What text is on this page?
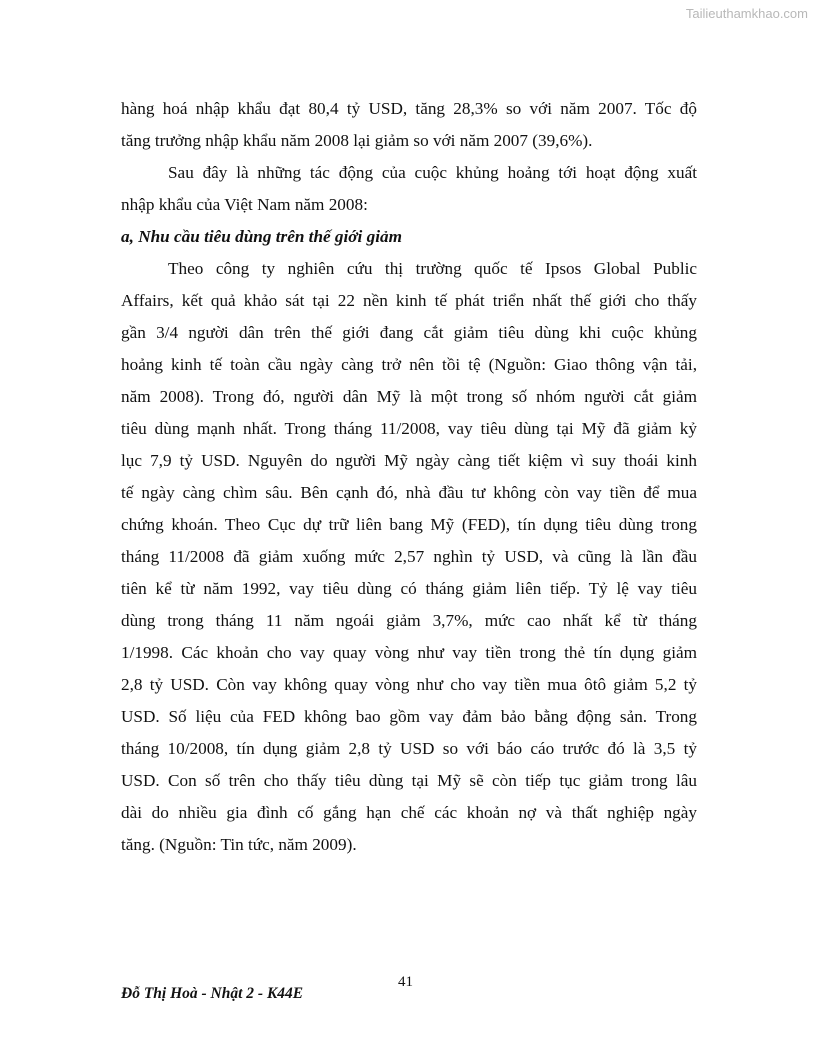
Tailieuthamkhao.com

hàng hoá nhập khẩu đạt 80,4 tỷ USD, tăng 28,3% so với năm 2007. Tốc độ

tăng trưởng nhập khẩu năm 2008 lại giảm so với năm 2007 (39,6%).

Sau đây là những tác động của cuộc khủng hoảng tới hoạt động xuất

nhập khẩu của Việt Nam năm 2008:

a, Nhu cầu tiêu dùng trên thế giới giảm

Theo công ty nghiên cứu thị trường quốc tế Ipsos Global Public

Affairs, kết quả khảo sát tại 22 nền kinh tế phát triển nhất thế giới cho thấy

gần 3/4 người dân trên thế giới đang cắt giảm tiêu dùng khi cuộc khủng

hoảng kinh tế toàn cầu ngày càng trở nên tồi tệ (Nguồn: Giao thông vận tải,

năm 2008). Trong đó, người dân Mỹ là một trong số nhóm người cắt giảm

tiêu dùng mạnh nhất. Trong tháng 11/2008, vay tiêu dùng tại Mỹ đã giảm kỷ

lục 7,9 tỷ USD. Nguyên do người Mỹ ngày càng tiết kiệm vì suy thoái kinh

tế ngày càng chìm sâu. Bên cạnh đó, nhà đầu tư không còn vay tiền để mua

chứng khoán. Theo Cục dự trữ liên bang Mỹ (FED), tín dụng tiêu dùng trong

tháng 11/2008 đã giảm xuống mức 2,57 nghìn tỷ USD, và cũng là lần đầu

tiên kể từ năm 1992, vay tiêu dùng có tháng giảm liên tiếp. Tỷ lệ vay tiêu

dùng trong tháng 11 năm ngoái giảm 3,7%, mức cao nhất kể từ tháng

1/1998. Các khoản cho vay quay vòng như vay tiền trong thẻ tín dụng giảm

2,8 tỷ USD. Còn vay không quay vòng như cho vay tiền mua ôtô giảm 5,2 tỷ

USD. Số liệu của FED không bao gồm vay đảm bảo bằng động sản. Trong

tháng 10/2008, tín dụng giảm 2,8 tỷ USD so với báo cáo trước đó là 3,5 tỷ

USD. Con số trên cho thấy tiêu dùng tại Mỹ sẽ còn tiếp tục giảm trong lâu

dài do nhiều gia đình cố gắng hạn chế các khoản nợ và thất nghiệp ngày

tăng. (Nguồn: Tin tức, năm 2009).

41
Đỗ Thị Hoà - Nhật 2 - K44E
